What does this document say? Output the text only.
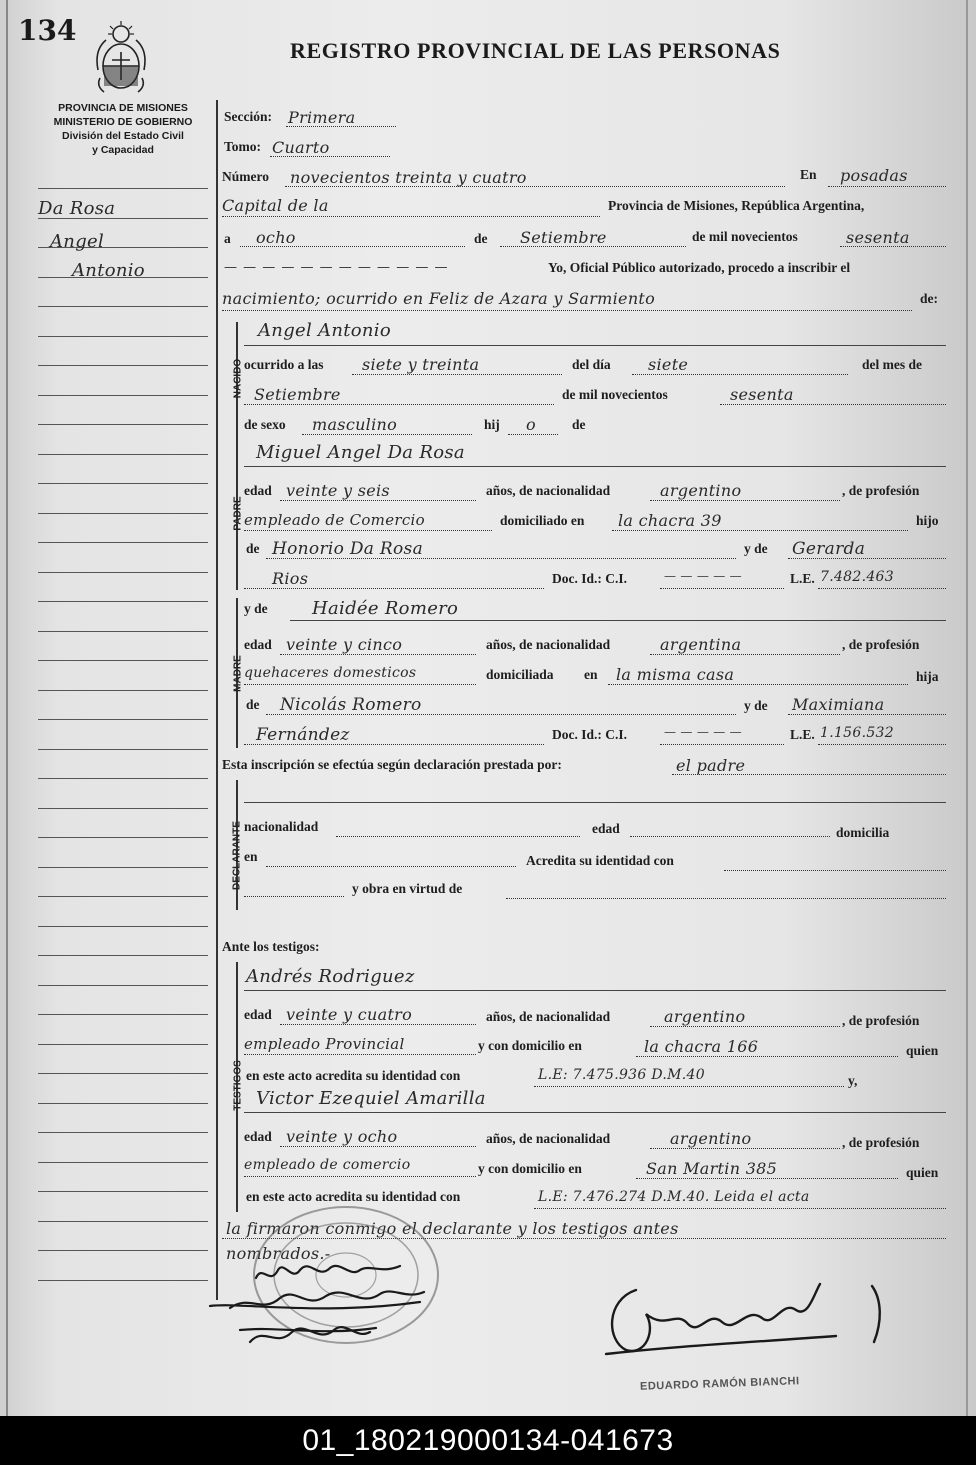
134
REGISTRO PROVINCIAL DE LAS PERSONAS
PROVINCIA DE MISIONES
MINISTERIO DE GOBIERNO
División del Estado Civil
y Capacidad
Da Rosa
Angel
Antonio
Sección: Primera
Tomo: Cuarto
Número novecientos treinta y cuatro	En posadas
Capital de la	Provincia de Misiones, República Argentina,
a ocho	de Setiembre	de mil novecientos	sesenta
— — — — — — — — — — — —	Yo, Oficial Público autorizado, procedo a inscribir el
nacimiento; ocurrido en Feliz de Azara y Sarmiento	de:
NACIDO
Angel Antonio
ocurrido a las siete y treinta	del día siete	del mes de
Setiembre	de mil novecientos	sesenta
de sexo masculino	hij o	de
PADRE
Miguel Angel Da Rosa
edad veinte y seis	años, de nacionalidad	argentino	, de profesión
empleado de Comercio	domiciliado en la chacra 39	hijo
de Honorio Da Rosa	y de Gerarda
Rios	Doc. Id.: C.I.	— — — — —	L.E. 7.482.463
MADRE
y de Haidée Romero
edad veinte y cinco	años, de nacionalidad	argentina	, de profesión
quehaceres domesticos	domiciliada en la misma casa	hija
de Nicolás Romero	y de Maximiana
Fernández	Doc. Id.: C.I.	— — — — —	L.E. 1.156.532
Esta inscripción se efectúa según declaración prestada por:	el padre
DECLARANTE nacionalidad	edad	domicilia
en	Acredita su identidad con
y obra en virtud de
Ante los testigos:
TESTIGOS
Andrés Rodriguez
edad veinte y cuatro	años, de nacionalidad	argentino	, de profesión
empleado Provincial	y con domicilio en	la chacra 166	quien
en este acto acredita su identidad con	L.E: 7.475.936 D.M.40	y,
Victor Ezequiel Amarilla
edad veinte y ocho	años, de nacionalidad	argentino	, de profesión
empleado de comercio	y con domicilio en	San Martin 385	quien
en este acto acredita su identidad con	L.E: 7.476.274 D.M.40. Leida el acta
la firmaron conmigo el declarante y los testigos antes
nombrados.-
EDUARDO RAMÓN BIANCHI
01_180219000134-041673
